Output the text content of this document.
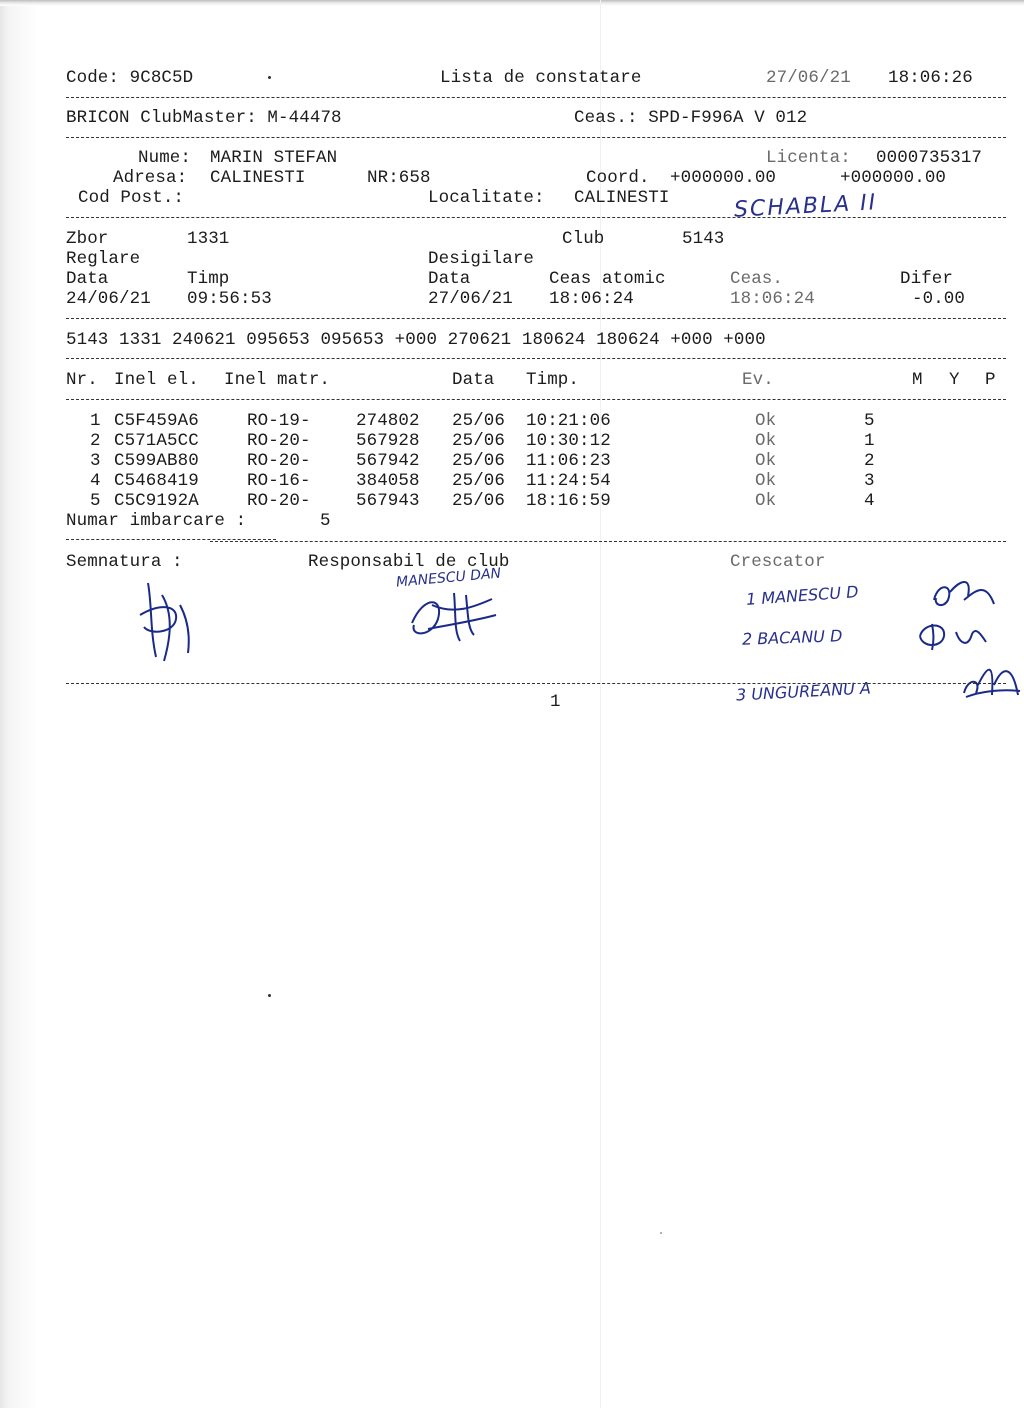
Code: 9C8C5D	Lista de constatare	27/06/21 18:06:26
BRICON ClubMaster: M-44478	Ceas.: SPD-F996A V 012
Nume: MARIN STEFAN	Licenta: 0000735317
Adresa: CALINESTI	NR:658	Coord. +000000.00	+000000.00
Cod Post.:	Localitate: CALINESTI	SCHABLA II
Zbor	1331	Club	5143
Reglare	Desigilare
Data	Timp	Data	Ceas atomic	Ceas.	Difer
24/06/21 09:56:53	27/06/21 18:06:24	18:06:24	-0.00
5143 1331 240621 095653 095653 +000 270621 180624 180624 +000 +000
Nr. Inel el. Inel matr.	Data Timp.	Ev.	M Y P
1 C5F459A6	RO-19-	274802 25/06 10:21:06	Ok	5
2 C571A5CC	RO-20-	567928 25/06 10:30:12	Ok	1
3 C599AB80	RO-20-	567942 25/06 11:06:23	Ok	2
4 C5468419	RO-16-	384058 25/06 11:24:54	Ok	3
5 C5C9192A	RO-20-	567943 25/06 18:16:59	Ok	4
Numar imbarcare :	5
Semnatura :	Responsabil de club	Crescator
MANESCU DAN
1 MANESCU D
2 BACANU D
3 UNGUREANU A
1
